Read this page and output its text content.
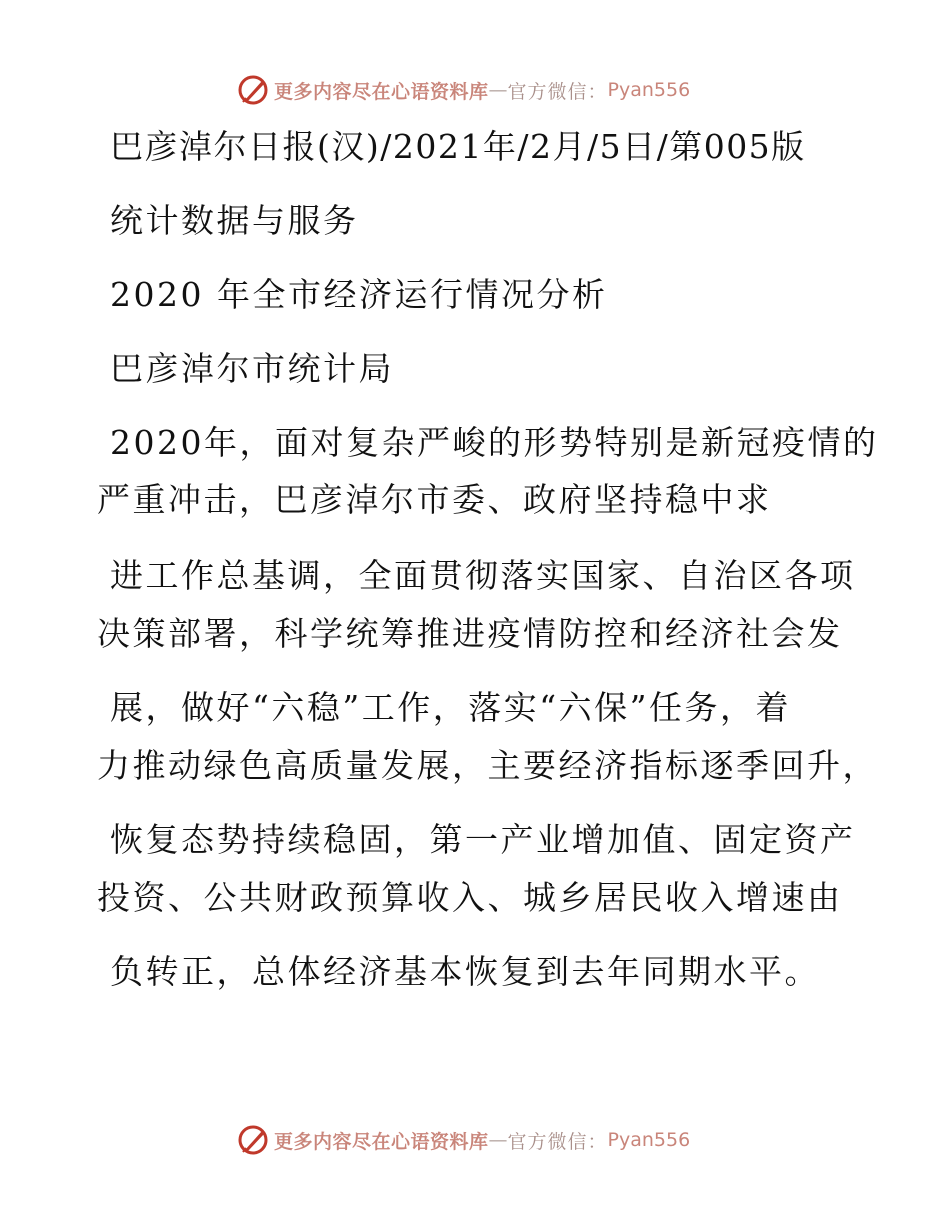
更多内容尽在心语资料库 — 官方微信： Pyan556
巴彦淖尔日报(汉)/2021年/2月/5日/第005版
统计数据与服务
2020 年全市经济运行情况分析
巴彦淖尔市统计局
2020年，面对复杂严峻的形势特别是新冠疫情的
严重冲击，巴彦淖尔市委、政府坚持稳中求
进工作总基调，全面贯彻落实国家、自治区各项
决策部署，科学统筹推进疫情防控和经济社会发
展，做好“六稳”工作，落实“六保”任务，着
力推动绿色高质量发展，主要经济指标逐季回升，
恢复态势持续稳固，第一产业增加值、固定资产
投资、公共财政预算收入、城乡居民收入增速由
负转正，总体经济基本恢复到去年同期水平。
更多内容尽在心语资料库 — 官方微信： Pyan556
